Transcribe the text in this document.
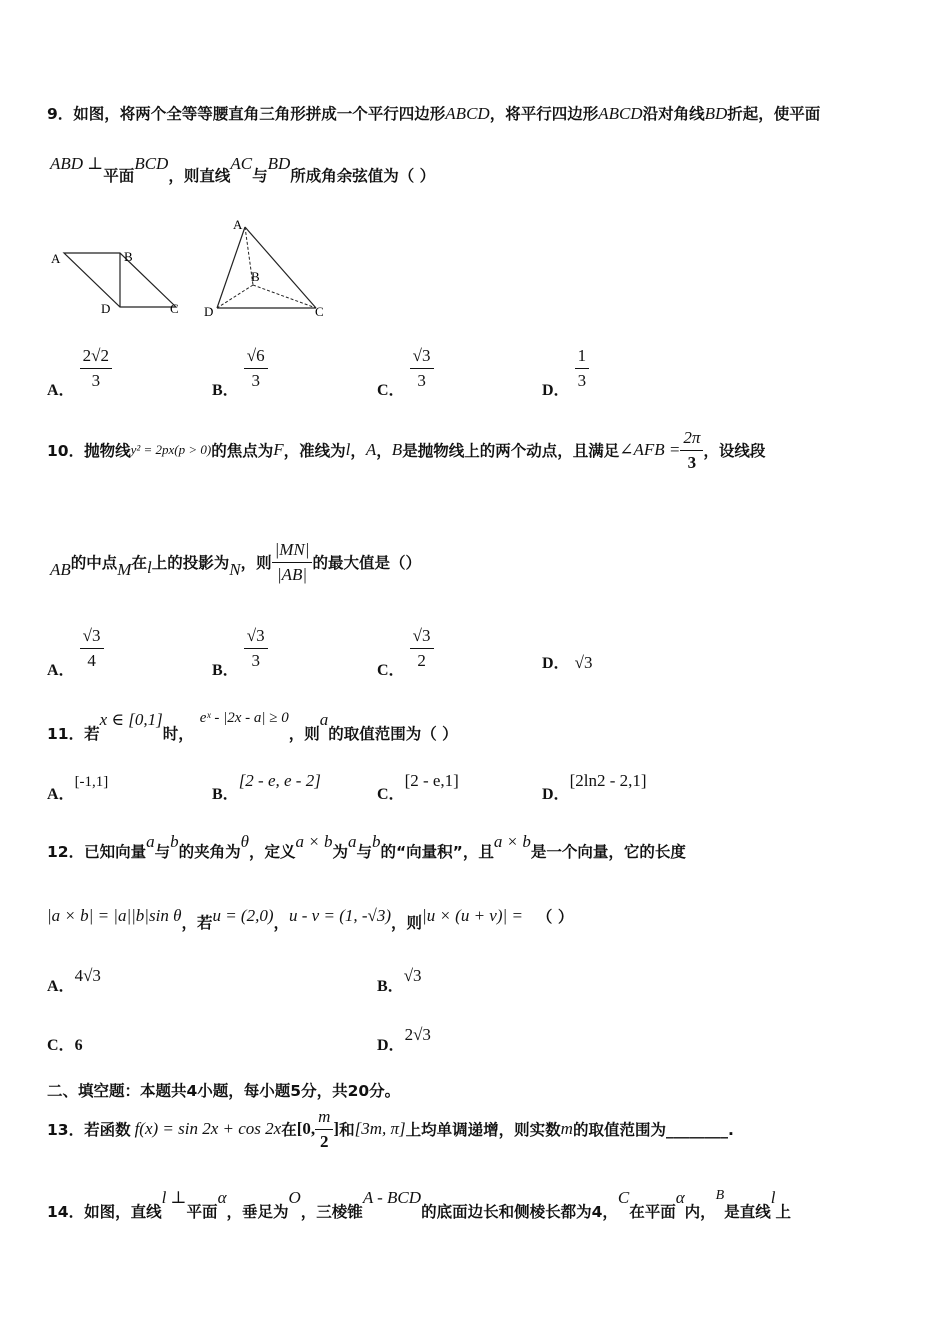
9．如图，将两个全等等腰直角三角形拼成一个平行四边形ABCD，将平行四边形ABCD沿对角线BD折起，使平面
ABD ⊥平面BCD，则直线AC与BD所成角余弦值为（ ）
A	B
D	C
A
B
D	C
A． $\frac{2√2}{3}$	B． $\frac{√6}{3}$	C． $\frac{√3}{3}$	D． $\frac{1}{3}$
10．抛物线 y² = 2px(p > 0) 的焦点为 F ，准线为 l ， A ， B 是抛物线上的两个动点，且满足 ∠AFB = $\frac{2\pi}{3}$ ，设线段
AB 的中点 M 在 l 上的投影为 N ，则 $\frac{|MN|}{|AB|}$ 的最大值是（）
A． $\frac{√3}{4}$	B． $\frac{√3}{3}$	C． $\frac{√3}{2}$	D． √3
11．若
x ∈ [0,1]
时，
eˣ - |2x - a| ≥ 0
，则
a
的取值范围为（ ）
A．[-1,1]
B．[2 - e, e - 2]
C．[2 - e,1]
D．[2ln2 - 2,1]
12．已知向量
a
与
b
的夹角为
θ
，定义
a × b
为
a
与
b
的“向量积”，且
a × b
是一个向量，它的长度
|a × b| = |a||b|sin θ ，若 u = (2,0) ， u - v = (1, -√3) ，则 |u × (u + v)| = （ ）
A．4√3
B．√3
C．6	D．2√3
二、填空题：本题共4小题，每小题5分，共20分。
13．若函数 f(x) = sin 2x + cos 2x 在 [0, $\frac{m}{2}$ ] 和 [3m, π] 上均单调递增，则实数 m 的取值范围为________.
14．如图，直线
l ⊥
平面
α
，垂足为
O
，三棱锥
A - BCD
的底面边长和侧棱长都为4，
C
在平面
α
内，
B
是直线
l
上
